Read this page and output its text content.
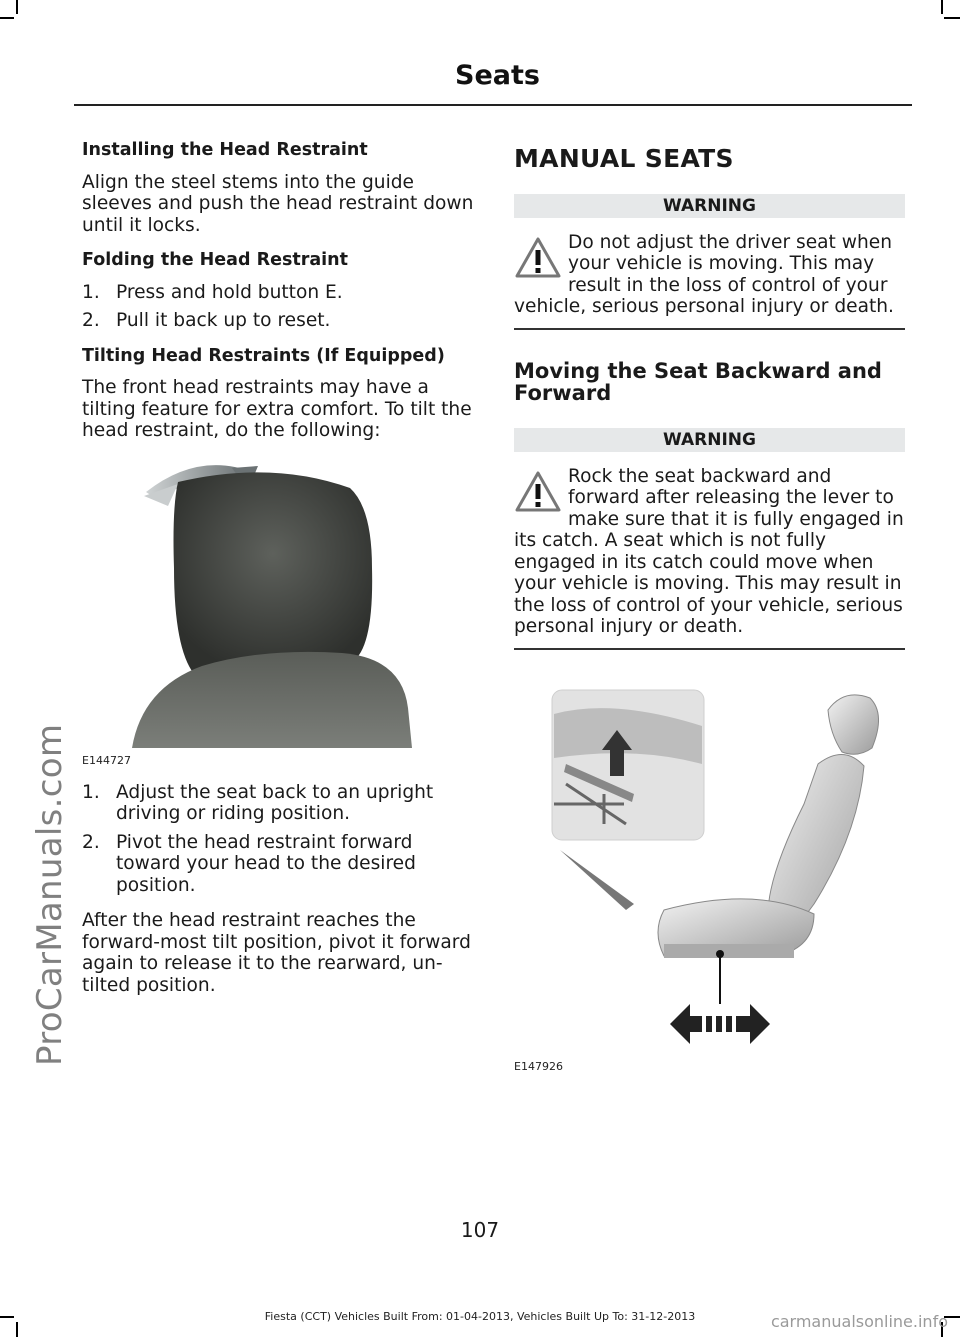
ProCarManuals.com
Seats
Installing the Head Restraint

Align the steel stems into the guide sleeves and push the head restraint down until it locks.

Folding the Head Restraint
1. Press and hold button E.
2. Pull it back up to reset.
Tilting Head Restraints (If Equipped)

The front head restraints may have a tilting feature for extra comfort. To tilt the head restraint, do the following:

E144727
1. Adjust the seat back to an upright driving or riding position.
2. Pivot the head restraint forward toward your head to the desired position.

After the head restraint reaches the forward-most tilt position, pivot it forward again to release it to the rearward, un-tilted position.

MANUAL SEATS
WARNING
Do not adjust the driver seat when your vehicle is moving. This may result in the loss of control of your vehicle, serious personal injury or death.
Moving the Seat Backward and Forward
WARNING
Rock the seat backward and forward after releasing the lever to make sure that it is fully engaged in its catch. A seat which is not fully engaged in its catch could move when your vehicle is moving. This may result in the loss of control of your vehicle, serious personal injury or death.
E147926
107
Fiesta (CCT) Vehicles Built From: 01-04-2013, Vehicles Built Up To: 31-12-2013	carmanualsonline.info
